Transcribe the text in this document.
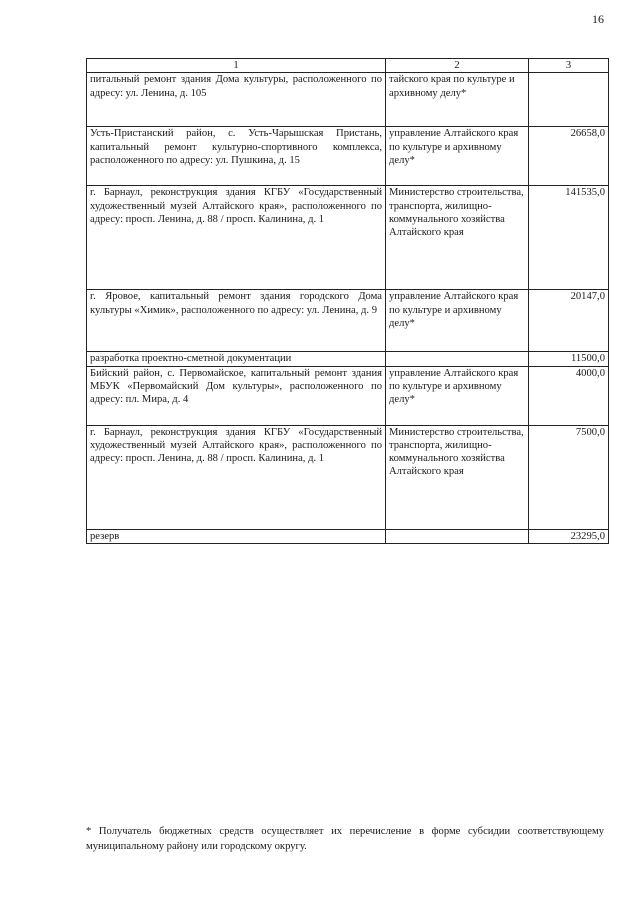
16
1	2	3
питальный ремонт здания Дома культуры, расположенного по адресу: ул. Ленина, д. 105	тайского края по культуре и архивному делу*	
Усть-Пристанский район, с. Усть-Чарышская Пристань, капитальный ремонт культурно-спортивного комплекса, расположенного по адресу: ул. Пушкина, д. 15	управление Алтайского края по культуре и архивному делу*	26658,0
г. Барнаул, реконструкция здания КГБУ «Государственный художественный музей Алтайского края», расположенного по адресу: просп. Ленина, д. 88 / просп. Калинина, д. 1	Министерство строительства, транспорта, жилищно-коммунального хозяйства Алтайского края	141535,0
г. Яровое, капитальный ремонт здания городского Дома культуры «Химик», расположенного по адресу: ул. Ленина, д. 9	управление Алтайского края по культуре и архивному делу*	20147,0
разработка проектно-сметной документации		11500,0
Бийский район, с. Первомайское, капитальный ремонт здания МБУК «Первомайский Дом культуры», расположенного по адресу: пл. Мира, д. 4	управление Алтайского края по культуре и архивному делу*	4000,0
г. Барнаул, реконструкция здания КГБУ «Государственный художественный музей Алтайского края», расположенного по адресу: просп. Ленина, д. 88 / просп. Калинина, д. 1	Министерство строительства, транспорта, жилищно-коммунального хозяйства Алтайского края	7500,0
резерв		23295,0
* Получатель бюджетных средств осуществляет их перечисление в форме субсидии соответствующему муниципальному району или городскому округу.
